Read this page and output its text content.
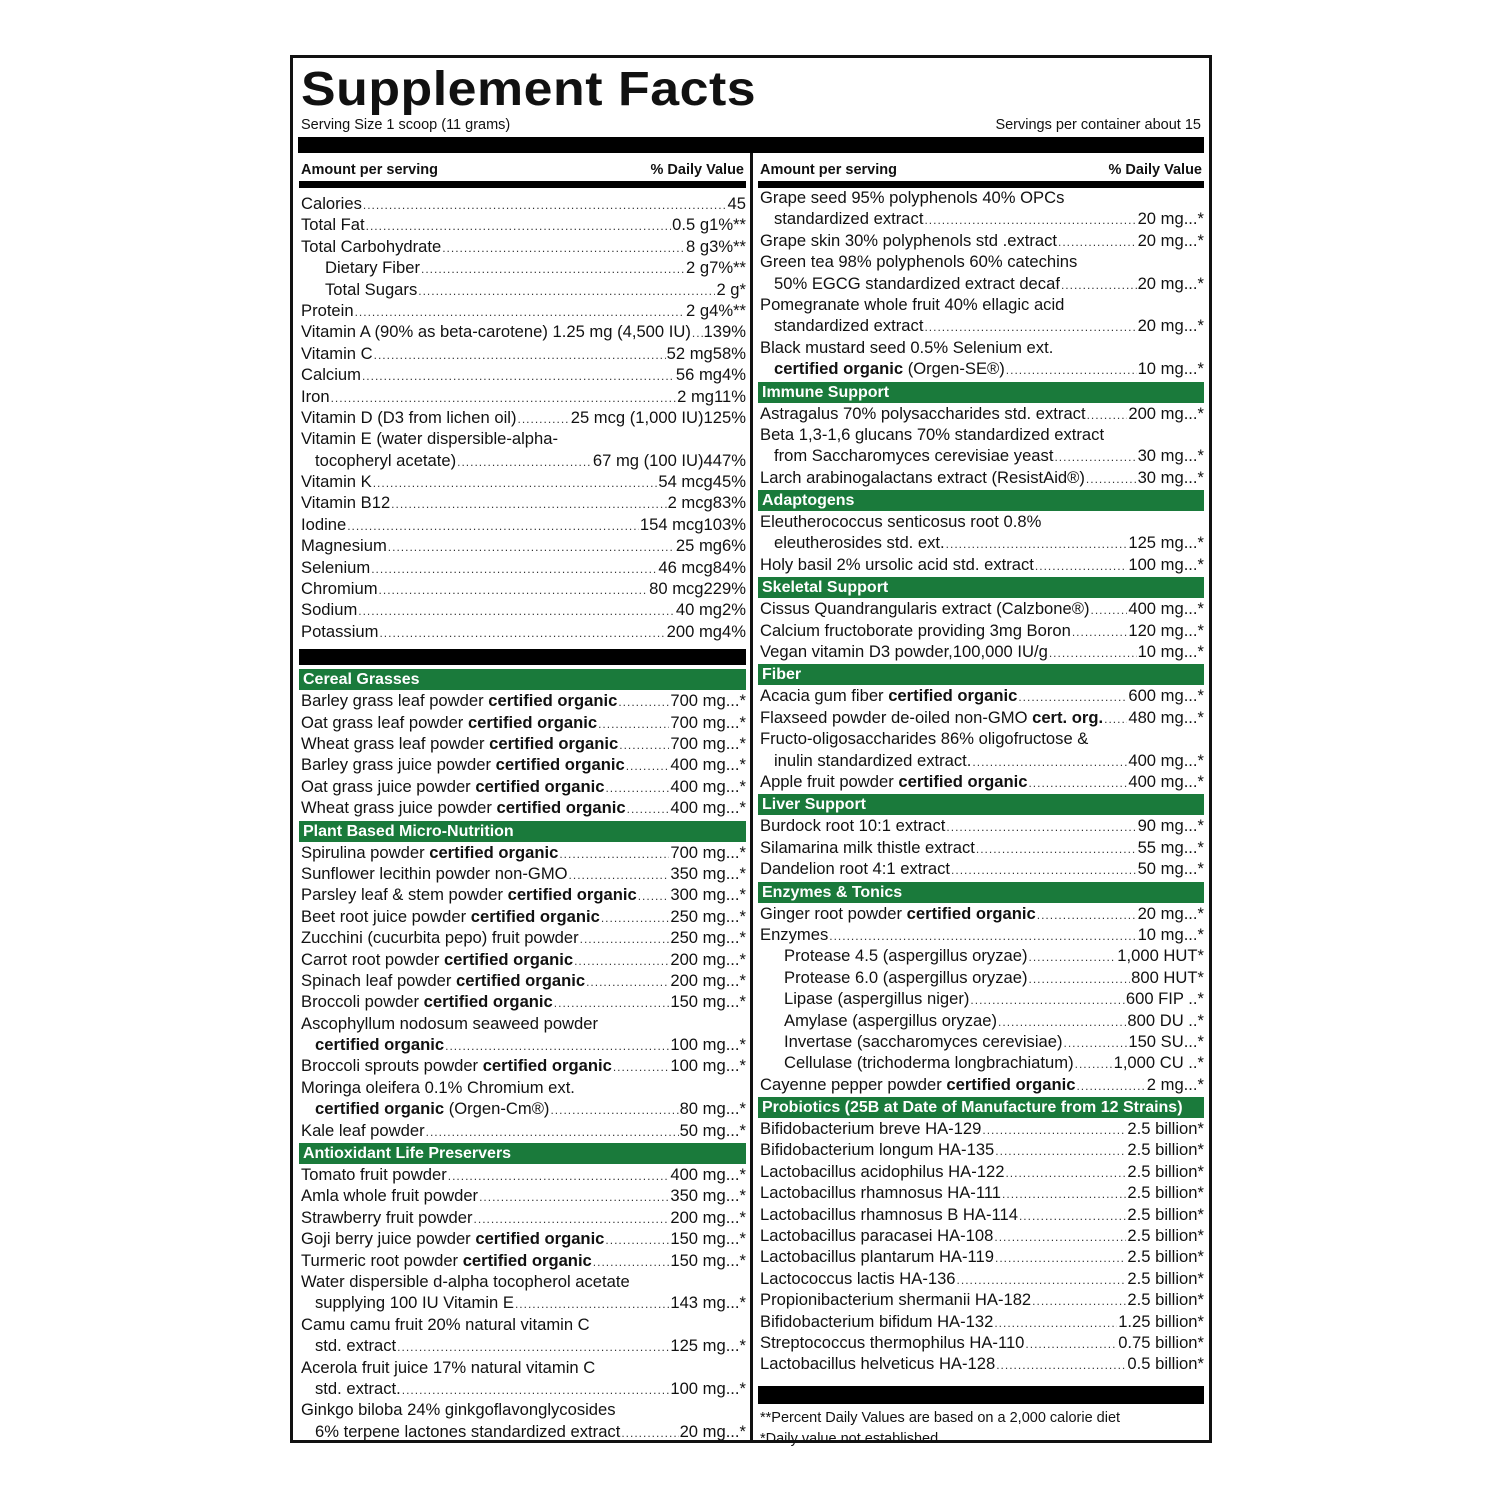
Supplement Facts
Serving Size 1 scoop (11 grams)	Servings per container about 15
Amount per serving	% Daily Value
Calories .....	45
Total Fat .....	0.5 g 1%**
Total Carbohydrate .....	8 g 3%**
Dietary Fiber .....	2 g 7%**
Total Sugars .....	2 g *
Protein .....	2 g 4%**
Vitamin A (90% as beta-carotene) 1.25 mg (4,500 IU) ..... 139%
Vitamin C .....	52 mg 58%
Calcium .....	56 mg 4%
Iron .....	2 mg 11%
Vitamin D (D3 from lichen oil) .....	25 mcg (1,000 IU) 125%
Vitamin E (water dispersible-alpha-
tocopheryl acetate) .....	67 mg (100 IU) 447%
Vitamin K .....	54 mcg 45%
Vitamin B12 .....	2 mcg 83%
Iodine .....	154 mcg 103%
Magnesium .....	25 mg 6%
Selenium .....	46 mcg 84%
Chromium .....	80 mcg 229%
Sodium .....	40 mg 2%
Potassium .....	200 mg 4%
Cereal Grasses
Barley grass leaf powder certified organic .....	700 mg... *
Oat grass leaf powder certified organic .....	700 mg... *
Wheat grass leaf powder certified organic .....	700 mg... *
Barley grass juice powder certified organic .....	400 mg... *
Oat grass juice powder certified organic .....	400 mg... *
Wheat grass juice powder certified organic .....	400 mg... *
Plant Based Micro-Nutrition
Spirulina powder certified organic .....	700 mg... *
Sunflower lecithin powder non-GMO .....	350 mg... *
Parsley leaf & stem powder certified organic ..... 300 mg... *
Beet root juice powder certified organic .....	250 mg... *
Zucchini (cucurbita pepo) fruit powder .....	250 mg... *
Carrot root powder certified organic .....	200 mg... *
Spinach leaf powder certified organic .....	200 mg... *
Broccoli powder certified organic .....	150 mg... *
Ascophyllum nodosum seaweed powder
certified organic .....	100 mg... *
Broccoli sprouts powder certified organic .....	100 mg... *
Moringa oleifera 0.1% Chromium ext.
certified organic (Orgen-Cm®) .....	80 mg... *
Kale leaf powder .....	50 mg... *
Antioxidant Life Preservers
Tomato fruit powder .....	400 mg... *
Amla whole fruit powder .....	350 mg... *
Strawberry fruit powder .....	200 mg... *
Goji berry juice powder certified organic .....	150 mg... *
Turmeric root powder certified organic .....	150 mg... *
Water dispersible d-alpha tocopherol acetate
supplying 100 IU Vitamin E .....	143 mg... *
Camu camu fruit 20% natural vitamin C
std. extract .....	125 mg... *
Acerola fruit juice 17% natural vitamin C
std. extract. .....	100 mg... *
Ginkgo biloba 24% ginkgoflavonglycosides
6% terpene lactones standardized extract .....	20 mg... *
Amount per serving	% Daily Value
Grape seed 95% polyphenols 40% OPCs
standardized extract .....	20 mg... *
Grape skin 30% polyphenols std .extract .....	20 mg... *
Green tea 98% polyphenols 60% catechins
50% EGCG standardized extract decaf .....	20 mg... *
Pomegranate whole fruit 40% ellagic acid
standardized extract .....	20 mg... *
Black mustard seed 0.5% Selenium ext.
certified organic (Orgen-SE®) .....	10 mg... *
Immune Support
Astragalus 70% polysaccharides std. extract .....	200 mg... *
Beta 1,3-1,6 glucans 70% standardized extract
from Saccharomyces cerevisiae yeast .....	30 mg... *
Larch arabinogalactans extract (ResistAid®) .....	30 mg... *
Adaptogens
Eleutherococcus senticosus root 0.8%
eleutherosides std. ext. .....	125 mg... *
Holy basil 2% ursolic acid std. extract .....	100 mg... *
Skeletal Support
Cissus Quandrangularis extract (Calzbone®) ..... 400 mg... *
Calcium fructoborate providing 3mg Boron .....	120 mg... *
Vegan vitamin D3 powder,100,000 IU/g .....	10 mg... *
Fiber
Acacia gum fiber certified organic .....	600 mg... *
Flaxseed powder de-oiled non-GMO cert. org. ..... 480 mg... *
Fructo-oligosaccharides 86% oligofructose &
inulin standardized extract. .....	400 mg... *
Apple fruit powder certified organic .....	400 mg... *
Liver Support
Burdock root 10:1 extract .....	90 mg... *
Silamarina milk thistle extract .....	55 mg... *
Dandelion root 4:1 extract .....	50 mg... *
Enzymes & Tonics
Ginger root powder certified organic .....	20 mg... *
Enzymes .....	10 mg... *
Protease 4.5 (aspergillus oryzae) .....	1,000 HUT *
Protease 6.0 (aspergillus oryzae) .....	800 HUT *
Lipase (aspergillus niger) .....	600 FIP .. *
Amylase (aspergillus oryzae) .....	800 DU .. *
Invertase (saccharomyces cerevisiae) .....	150 SU... *
Cellulase (trichoderma longbrachiatum) ..... 1,000 CU .. *
Cayenne pepper powder certified organic .....	2 mg... *
Probiotics (25B at Date of Manufacture from 12 Strains)
Bifidobacterium breve HA-129 .....	2.5 billion *
Bifidobacterium longum HA-135 .....	2.5 billion *
Lactobacillus acidophilus HA-122 .....	2.5 billion *
Lactobacillus rhamnosus HA-111 .....	2.5 billion *
Lactobacillus rhamnosus B HA-114 .....	2.5 billion *
Lactobacillus paracasei HA-108 .....	2.5 billion *
Lactobacillus plantarum HA-119 .....	2.5 billion *
Lactococcus lactis HA-136 .....	2.5 billion *
Propionibacterium shermanii HA-182 .....	2.5 billion *
Bifidobacterium bifidum HA-132 .....	1.25 billion *
Streptococcus thermophilus HA-110 .....	0.75 billion *
Lactobacillus helveticus HA-128 .....	0.5 billion *
**Percent Daily Values are based on a 2,000 calorie diet
*Daily value not established
